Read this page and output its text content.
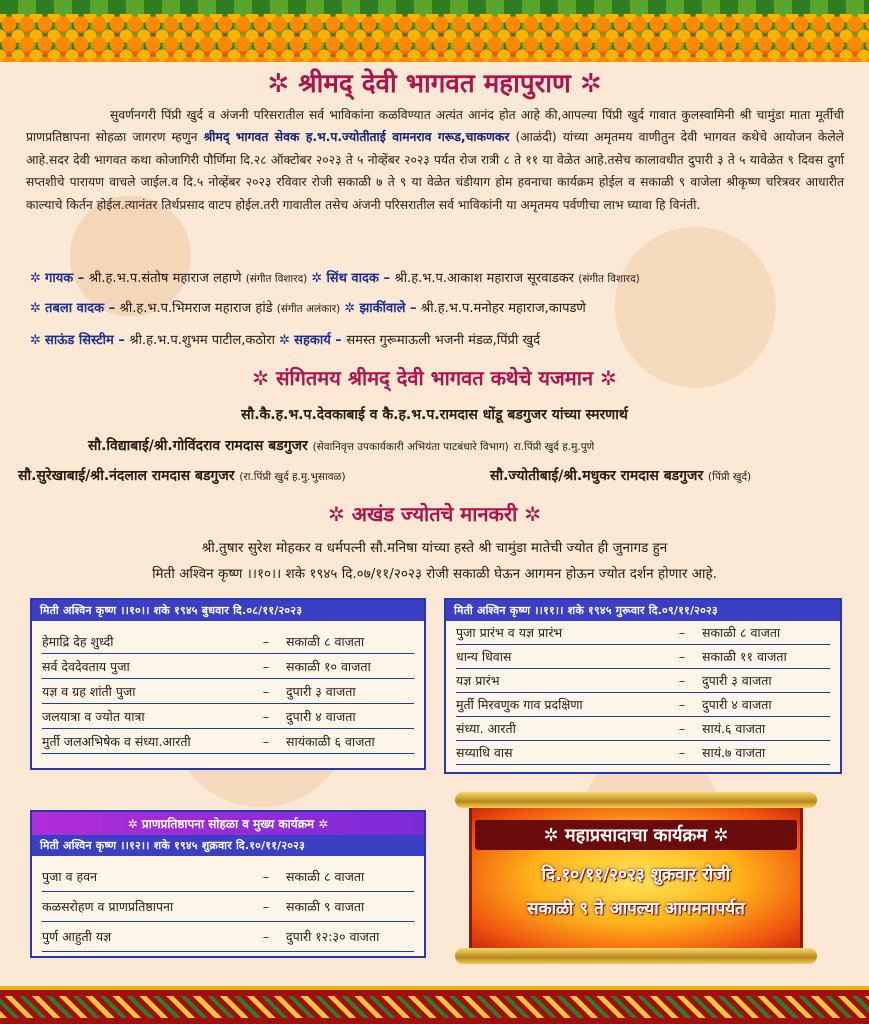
✲ श्रीमद् देवी भागवत महापुराण ✲
सुवर्णनगरी पिंप्री खुर्द व अंजनी परिसरातील सर्व भाविकांना कळविण्यात अत्यंत आनंद होत आहे की,आपल्या पिंप्री खुर्द गावात कुलस्वामिनी श्री चामुंडा माता मूर्तीची प्राणप्रतिष्ठापना सोहळा जागरण म्हणुन श्रीमद् भागवत सेवक ह.भ.प.ज्योतीताई वामनराव गरूड,चाकणकर (आळंदी) यांच्या अमृतमय वाणीतुन देवी भागवत कथेचे आयोजन केलेले आहे.सदर देवी भागवत कथा कोजागिरी पौर्णिमा दि.२८ ऑक्टोबर २०२३ ते ५ नोव्हेंबर २०२३ पर्यत रोज रात्री ८ ते ११ या वेळेत आहे.तसेच कालावधीत दुपारी ३ ते ५ यावेळेत ९ दिवस दुर्गा सप्तशीचे पारायण वाचले जाईल.व दि.५ नोव्हेंबर २०२३ रविवार रोजी सकाळी ७ ते ९ या वेळेत चंडीयाग होम हवनाचा कार्यक्रम होईल व सकाळी ९ वाजेला श्रीकृष्ण चरित्रवर आधारीत काल्याचे किर्तन होईल.त्यानंतर तिर्थप्रसाद वाटप होईल.तरी गावातील तसेच अंजनी परिसरातील सर्व भाविकांनी या अमृतमय पर्वणीचा लाभ घ्यावा हि विनंती.
✲ गायक – श्री.ह.भ.प.संतोष महाराज लहाणे (संगीत विशारद) ✲ सिंथ वादक – श्री.ह.भ.प.आकाश महाराज सूरवाडकर (संगीत विशारद)
✲ तबला वादक – श्री.ह.भ.प.भिमराज महाराज हांडे (संगीत अलंकार) ✲ झाकींवाले – श्री.ह.भ.प.मनोहर महाराज,कापडणे
✲ साऊंड सिस्टीम – श्री.ह.भ.प.शुभम पाटील,कठोरा ✲ सहकार्य – समस्त गुरूमाऊली भजनी मंडळ,पिंप्री खुर्द
✲ संगितमय श्रीमद् देवी भागवत कथेचे यजमान ✲
सौ.कै.ह.भ.प.देवकाबाई व कै.ह.भ.प.रामदास धोंडू बडगुजर यांच्या स्मरणार्थ
सौ.विद्याबाई/श्री.गोविंदराव रामदास बडगुजर (सेवानिवृत्त उपकार्यकारी अभियंता पाटबंधारे विभाग) रा.पिंप्री खुर्द ह.मु.पुणे
सौ.सुरेखाबाई/श्री.नंदलाल रामदास बडगुजर (रा.पिंप्री खुर्द ह.मु.भुसावळ)	सौ.ज्योतीबाई/श्री.मधुकर रामदास बडगुजर (पिंप्री खुर्द)
✲ अखंड ज्योतचे मानकरी ✲
श्री.तुषार सुरेश मोहकर व धर्मपत्नी सौ.मनिषा यांच्या हस्ते श्री चामुंडा मातेची ज्योत ही जुनागड हुन
मिती अश्विन कृष्ण ।।१०।। शके १९४५ दि.०७/११/२०२३ रोजी सकाळी घेऊन आगमन होऊन ज्योत दर्शन होणार आहे.
मिती अश्विन कृष्ण ।।१०।। शके १९४५ बुधवार दि.०८/११/२०२३
हेमाद्रि देह शुध्दी	–	सकाळी ८ वाजता
सर्व देवदेवताय पुजा	–	सकाळी १० वाजता
यज्ञ व ग्रह शांती पुजा	–	दुपारी ३ वाजता
जलयात्रा व ज्योत यात्रा	–	दुपारी ४ वाजता
मुर्ती जलअभिषेक व संध्या.आरती	–	सायंकाळी ६ वाजता
मिती अश्विन कृष्ण ।।११।। शके १९४५ गुरूवार दि.०९/११/२०२३
पुजा प्रारंभ व यज्ञ प्रारंभ	–	सकाळी ८ वाजता
धान्य धिवास	–	सकाळी ११ वाजता
यज्ञ प्रारंभ	–	दुपारी ३ वाजता
मुर्ती मिरवणुक गाव प्रदक्षिणा	–	दुपारी ४ वाजता
संध्या. आरती	–	सायं.६ वाजता
सय्याधि वास	–	सायं.७ वाजता
✲ प्राणप्रतिष्ठापना सोहळा व मुख्य कार्यक्रम ✲
मिती अश्विन कृष्ण ।।१२।। शके १९४५ शुक्रवार दि.१०/११/२०२३
पुजा व हवन	–	सकाळी ८ वाजता
कळसरोहण व प्राणप्रतिष्ठापना	–	सकाळी ९ वाजता
पुर्ण आहुती यज्ञ	–	दुपारी १२:३० वाजता
✲ महाप्रसादाचा कार्यक्रम ✲
दि.१०/११/२०२३ शुक्रवार रोजी
सकाळी ९ ते आपल्या आगमनापर्यत
